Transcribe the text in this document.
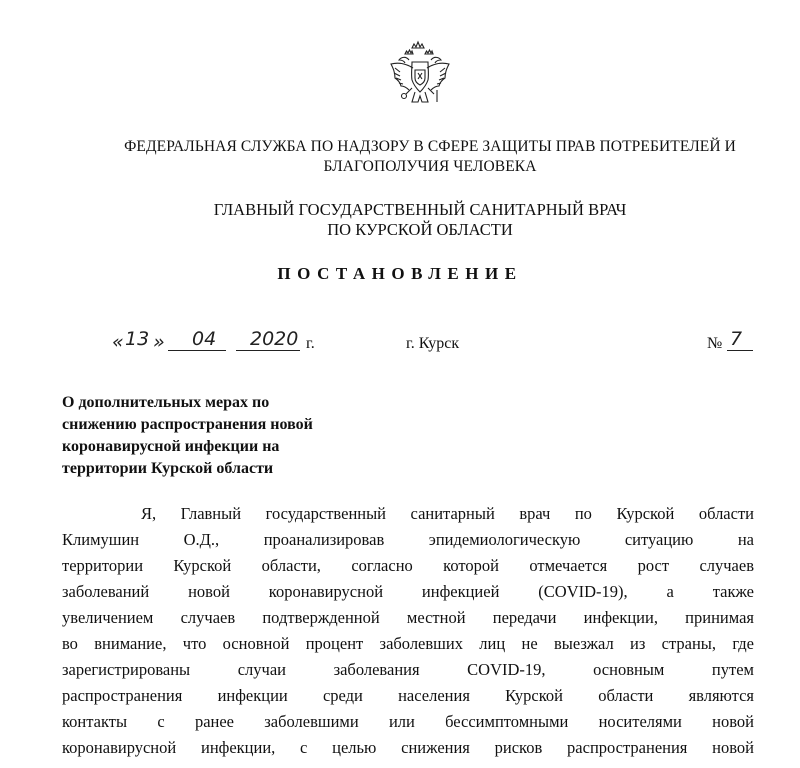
ФЕДЕРАЛЬНАЯ СЛУЖБА ПО НАДЗОРУ В СФЕРЕ ЗАЩИТЫ ПРАВ ПОТРЕБИТЕЛЕЙ И
БЛАГОПОЛУЧИЯ ЧЕЛОВЕКА
ГЛАВНЫЙ ГОСУДАРСТВЕННЫЙ САНИТАРНЫЙ ВРАЧ
ПО КУРСКОЙ ОБЛАСТИ
ПОСТАНОВЛЕНИЕ
« 13 » 04 2020 г.	г. Курск	№ 7
О дополнительных мерах по
снижению распространения новой
коронавирусной инфекции на
территории Курской области
Я, Главный государственный санитарный врач по Курской области
Климушин О.Д., проанализировав эпидемиологическую ситуацию на
территории Курской области, согласно которой отмечается рост случаев
заболеваний новой коронавирусной инфекцией (COVID-19), а также
увеличением случаев подтвержденной местной передачи инфекции, принимая
во внимание, что основной процент заболевших лиц не выезжал из страны, где
зарегистрированы случаи заболевания COVID-19, основным путем
распространения инфекции среди населения Курской области являются
контакты с ранее заболевшими или бессимптомными носителями новой
коронавирусной инфекции, с целью снижения рисков распространения новой
